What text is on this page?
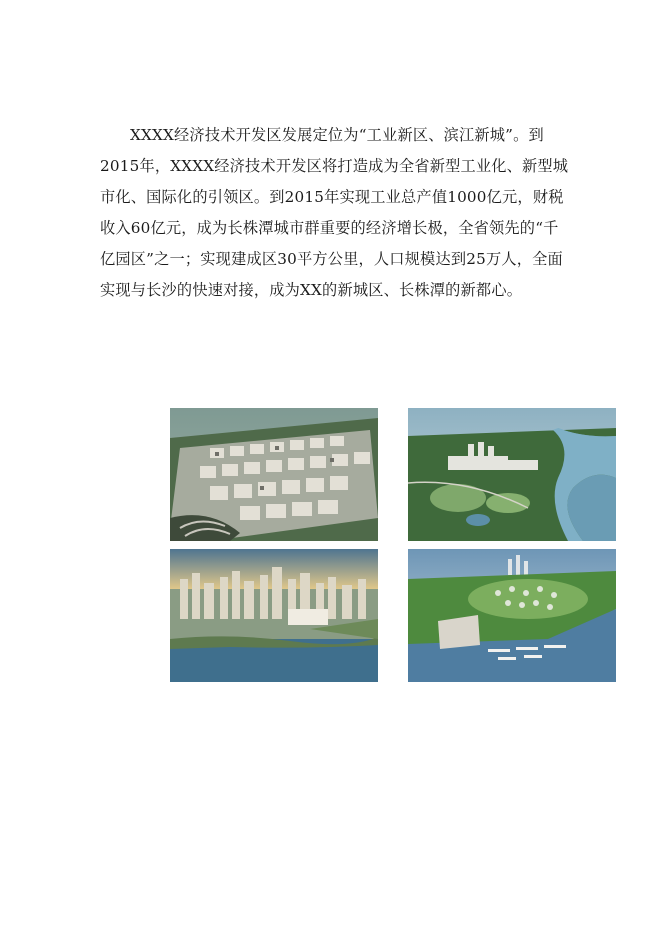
XXXX经济技术开发区发展定位为“工业新区、滨江新城”。到2015年，XXXX经济技术开发区将打造成为全省新型工业化、新型城市化、国际化的引领区。到2015年实现工业总产值1000亿元，财税收入60亿元，成为长株潭城市群重要的经济增长极，全省领先的“千亿园区”之一；实现建成区30平方公里，人口规模达到25万人，全面实现与长沙的快速对接，成为XX的新城区、长株潭的新都心。
